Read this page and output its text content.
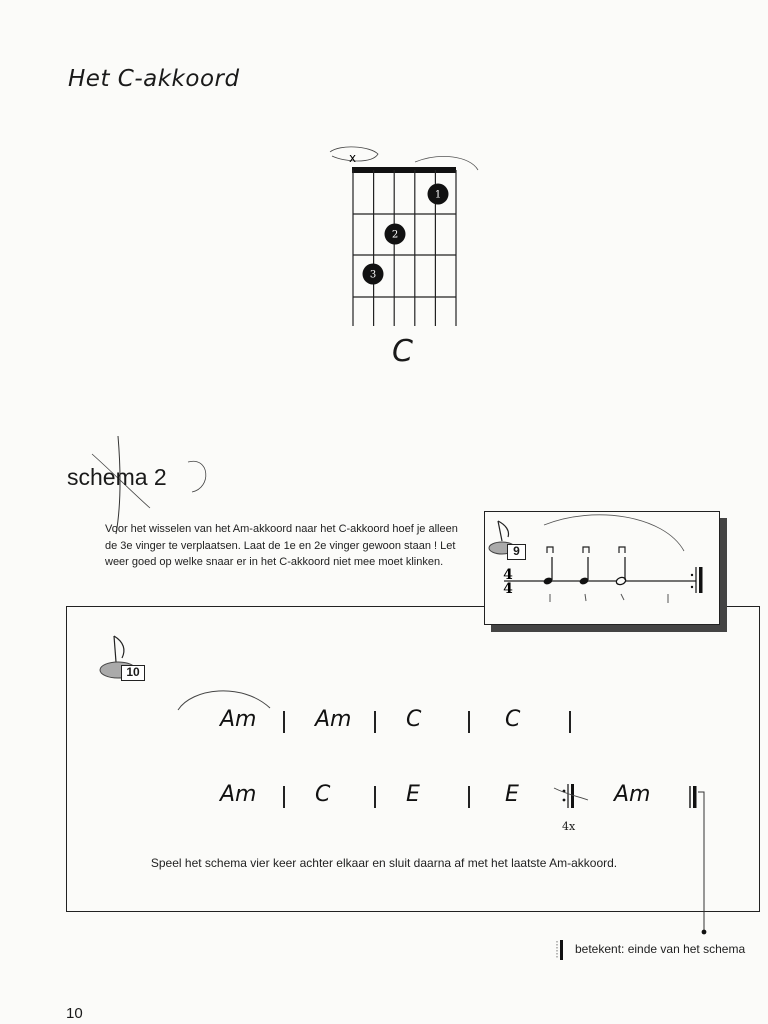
Het C-akkoord
x
1
2
3
C
schema 2
Voor het wisselen van het Am-akkoord naar het C-akkoord hoef je alleen de 3e vinger te verplaatsen. Laat de 1e en 2e vinger gewoon staan ! Let weer goed op welke snaar er in het C-akkoord niet mee moet klinken.
4
4
9
10
Am	Am C	C
Am	C	E	E
4x
Am
Speel het schema vier keer achter elkaar en sluit daarna af met het laatste Am-akkoord.
betekent: einde van het schema
10
